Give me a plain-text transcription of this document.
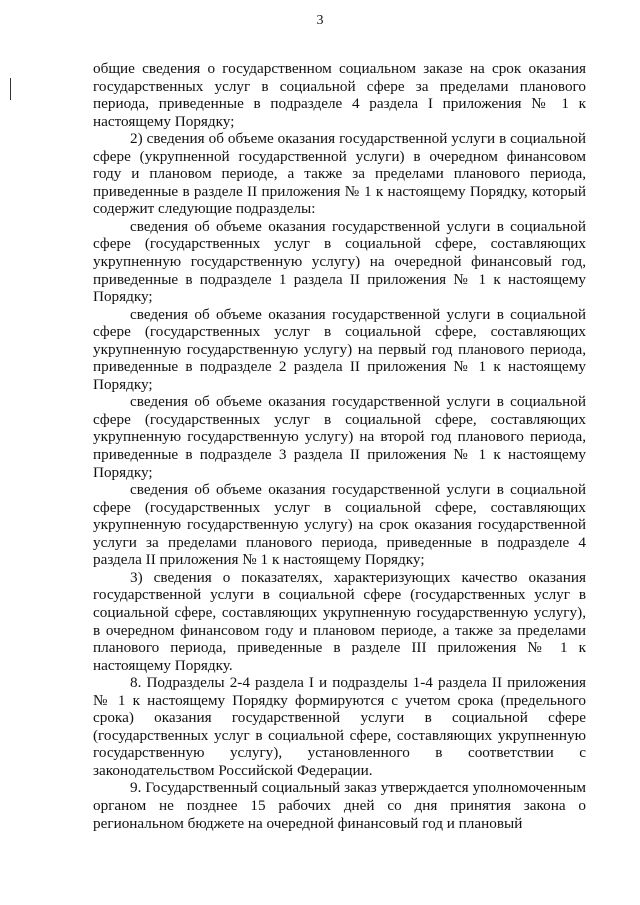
3

общие сведения о государственном социальном заказе на срок оказания государственных услуг в социальной сфере за пределами планового периода, приведенные в подразделе 4 раздела I приложения № 1 к настоящему Порядку;

2) сведения об объеме оказания государственной услуги в социальной сфере (укрупненной государственной услуги) в очередном финансовом году и плановом периоде, а также за пределами планового периода, приведенные в разделе II приложения № 1 к настоящему Порядку, который содержит следующие подразделы:

сведения об объеме оказания государственной услуги в социальной сфере (государственных услуг в социальной сфере, составляющих укрупненную государственную услугу) на очередной финансовый год, приведенные в подразделе 1 раздела II приложения № 1 к настоящему Порядку;

сведения об объеме оказания государственной услуги в социальной сфере (государственных услуг в социальной сфере, составляющих укрупненную государственную услугу) на первый год планового периода, приведенные в подразделе 2 раздела II приложения № 1 к настоящему Порядку;

сведения об объеме оказания государственной услуги в социальной сфере (государственных услуг в социальной сфере, составляющих укрупненную государственную услугу) на второй год планового периода, приведенные в подразделе 3 раздела II приложения № 1 к настоящему Порядку;

сведения об объеме оказания государственной услуги в социальной сфере (государственных услуг в социальной сфере, составляющих укрупненную государственную услугу) на срок оказания государственной услуги за пределами планового периода, приведенные в подразделе 4 раздела II приложения № 1 к настоящему Порядку;

3) сведения о показателях, характеризующих качество оказания государственной услуги в социальной сфере (государственных услуг в социальной сфере, составляющих укрупненную государственную услугу), в очередном финансовом году и плановом периоде, а также за пределами планового периода, приведенные в разделе III приложения № 1 к настоящему Порядку.

8. Подразделы 2-4 раздела I и подразделы 1-4 раздела II приложения № 1 к настоящему Порядку формируются с учетом срока (предельного срока) оказания государственной услуги в социальной сфере (государственных услуг в социальной сфере, составляющих укрупненную государственную услугу), установленного в соответствии с законодательством Российской Федерации.

9. Государственный социальный заказ утверждается уполномоченным органом не позднее 15 рабочих дней со дня принятия закона о региональном бюджете на очередной финансовый год и плановый
